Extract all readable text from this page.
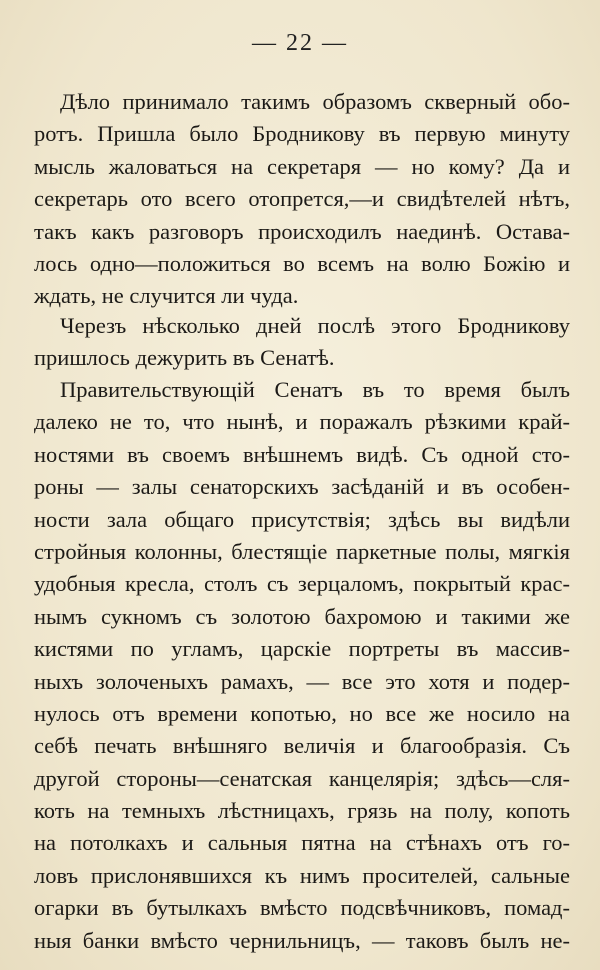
— 22 —
Дѣло принимало такимъ образомъ скверный обо-
ротъ. Пришла было Бродникову въ первую минуту
мысль жаловаться на секретаря — но кому? Да и
секретарь ото всего отопрется,—и свидѣтелей нѣтъ,
такъ какъ разговоръ происходилъ наединѣ. Остава-
лось одно—положиться во всемъ на волю Божію и
ждать, не случится ли чуда.
Черезъ нѣсколько дней послѣ этого Бродникову
пришлось дежурить въ Сенатѣ.
Правительствующій Сенатъ въ то время былъ
далеко не то, что нынѣ, и поражалъ рѣзкими край-
ностями въ своемъ внѣшнемъ видѣ. Съ одной сто-
роны — залы сенаторскихъ засѣданій и въ особен-
ности зала общаго присутствія; здѣсь вы видѣли
стройныя колонны, блестящіе паркетные полы, мягкія
удобныя кресла, столъ съ зерцаломъ, покрытый крас-
нымъ сукномъ съ золотою бахромою и такими же
кистями по угламъ, царскіе портреты въ массив-
ныхъ золоченыхъ рамахъ, — все это хотя и подер-
нулось отъ времени копотью, но все же носило на
себѣ печать внѣшняго величія и благообразія. Съ
другой стороны—сенатская канцелярія; здѣсь—сля-
коть на темныхъ лѣстницахъ, грязь на полу, копоть
на потолкахъ и сальныя пятна на стѣнахъ отъ го-
ловъ прислонявшихся къ нимъ просителей, сальные
огарки въ бутылкахъ вмѣсто подсвѣчниковъ, помад-
ныя банки вмѣсто чернильницъ, — таковъ былъ не-
